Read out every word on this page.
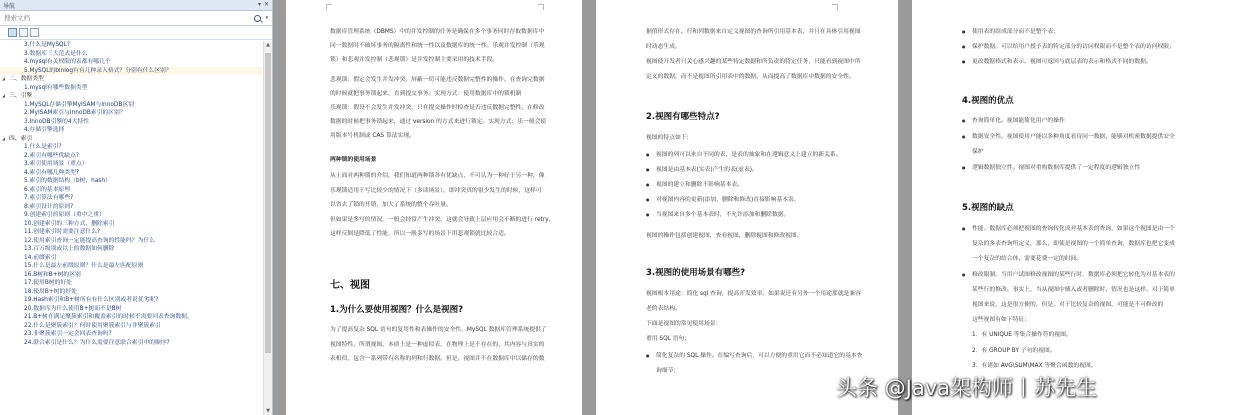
导航	▾ ✕
搜索文档
▾
3.什么是MySQL?
3.数据库三大范式是什么
4.mysql有关权限的表都有哪几个
5.MySQL的binlog有有几种录入格式？分别有什么区别？
◢ 二、数据类型
1.mysql有哪些数据类型
◢ 三、引擎
1.MySQL存储引擎MyISAM与InnoDB区别
2.MyISAM索引与InnoDB索引的区别？
3.InnoDB引擎的4大特性
4.存储引擎选择
◢ 四、索引
1.什么是索引?
2.索引有哪些优缺点?
3.索引使用场景（重点）
4.索引有哪几种类型?
5.索引的数据结构（b树，hash）
6.索引的基本原理
7.索引算法有哪些?
8.索引设计的原则?
9.创建索引的原则（重中之重）
10.创建索引的三种方式，删除索引
11.创建索引时需要注意什么?
12.使用索引查询一定能提高查询的性能吗？为什么
13.百万级别或以上的数据如何删除
14.前缀索引
15.什么是最左前缀原则？什么是最左匹配原则
16.B树和B+树的区别
17.使用B树的好处
18.使用B+树的好处
19.Hash索引和B+树所有有什么区别或者说优劣呢?
20.数据库为什么使用B+树而不是B树
21.B+树在满足聚簇索引和覆盖索引的时候不需要回表查询数据，
22.什么是聚簇索引？何时使用聚簇索引与非聚簇索引
23.非聚簇索引一定会回表查询吗?
24.联合索引是什么？为什么需要注意联合索引中的顺序?
▲
▼
数据库管理系统（DBMS）中的并发控制的任务是确保在多个事务同时存取数据库中
同一数据时不破坏事务的隔离性和统一性以及数据库的统一性。乐观并发控制（乐观
锁）和悲观并发控制（悲观锁）是并发控制主要采用的技术手段。
悲观锁：假定会发生并发冲突，屏蔽一切可能违反数据完整性的操作。在查询完数据
的时候就把事务锁起来，直到提交事务。实现方式：使用数据库中的锁机制
乐观锁：假设不会发生并发冲突，只在提交操作时检查是否违反数据完整性。在修改
数据的时候把事务锁起来，通过 version 的方式来进行锁定。实现方式：乐一般会使
用版本号机制或 CAS 算法实现。
两种锁的使用场景
从上面对两种锁的介绍，我们知道两种锁各有优缺点，不可认为一种好于另一种，像
乐观锁适用于写比较少的情况下（多读场景），即冲突真的很少发生的时候，这样可
以省去了锁的开销，加大了系统的整个吞吐量。
但如果是多写的情况，一般会经常产生冲突，这就会导致上层应用会不断的进行 retry,
这样反倒是降低了性能，所以一般多写的场景下用悲观锁就比较合适。
七、视图
1.为什么要使用视图？什么是视图?
为了提高复杂 SQL 语句的复用性和表操作的安全性，MySQL 数据库管理系统提供了
视图特性。所谓视图，本质上是一种虚拟表，在物理上是不存在的，其内容与真实的
表相似，包含一系列带有名称的列和行数据。但是，视图并不在数据库中以储存的数
据值形式存在。行和列数据来自定义视图的查询所引用基本表，并且在具体引用视图
时动态生成。
视图使开发者只关心感兴趣的某些特定数据和所负责的特定任务，只能看到视图中所
定义的数据，而不是视图所引用表中的数据，从而提高了数据库中数据的安全性。
2.视图有哪些特点?
视图的特点如下:
● 视图的列可以来自不同的表，是表的抽象和在逻辑意义上建立的新关系。
● 视图是由基本表(实表)产生的表(虚表)。
● 视图的建立和删除不影响基本表。
● 对视图内容的更新(添加，删除和修改)直接影响基本表。
● 当视图来自多个基本表时，不允许添加和删除数据。
视图的操作包括创建视图，查看视图，删除视图和修改视图。
3.视图的使用场景有哪些?
视图根本用途：简化 sql 查询，提高开发效率。如果说还有另外一个用途那就是兼容
老的表结构。
下面是视图的常见使用场景：
重用 SQL 语句；
● 简化复杂的 SQL 操作。在编写查询后，可以方便的重用它而不必知道它的基本查
询细节；
● 使用表的组成部分而不是整个表；
● 保护数据。可以给用户授予表的特定部分的访问权限而不是整个表的访问权限；
● 更改数据格式和表示。视图可返回与底层表的表示和格式不同的数据。
4.视图的优点
● 查询简单化。视图能简化用户的操作
● 数据安全性。视图使用户能以多种角度看待同一数据，能够对机密数据提供安全
保护
● 逻辑数据独立性。视图对重构数据库提供了一定程度的逻辑独立性
5.视图的缺点
● 性能。数据库必须把视图的查询转化成对基本表的查询，如果这个视图是由一个
复杂的多表查询所定义，那么，即使是视图的一个简单查询，数据库也把它变成
一个复杂的结合体，需要花费一定的时间。
● 修改限制。当用户试图修改视图的某些行时，数据库必须把它转化为对基本表的
某些行的修改。事实上，当从视图中插入或者删除时，情况也是这样。对于简单
视图来说，这是很方便的，但是，对于比较复杂的视图，可能是不可修改的
这些视图有如下特征：
1．有 UNIQUE 等集合操作符的视图。
2．有 GROUP BY 子句的视图。
3．有诸如 AVG\SUM\MAX 等聚合函数的视图。
头条 @Java架构师丨苏先生
